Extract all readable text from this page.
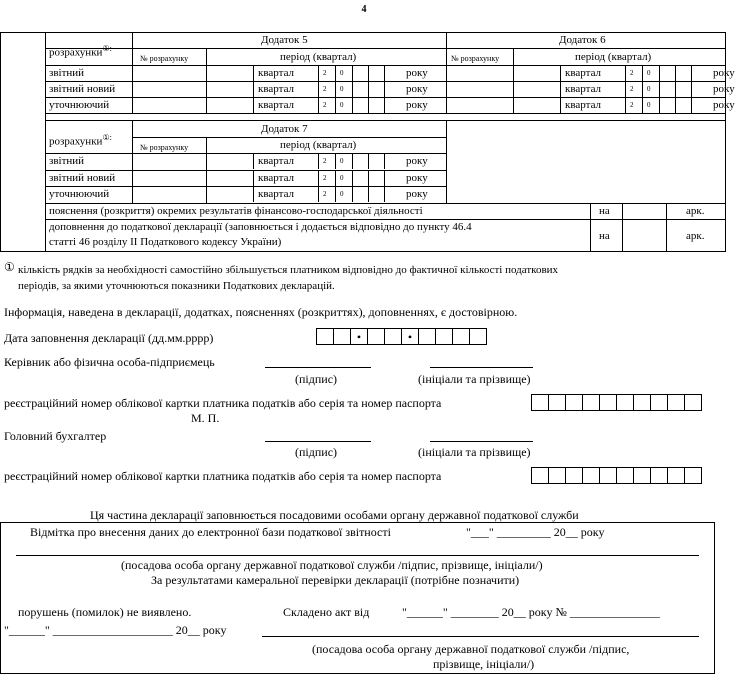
4
Додаток 5	Додаток 6
розрахунки①:
№ розрахунку	період (квартал)	№ розрахунку	період (квартал)
звітний	квартал	2 0	року	квартал	2 0	року
звітний новий	квартал	2 0	року	квартал	2 0	року
уточнюючий	квартал	2 0	року	квартал	2 0	року
Додаток 7
розрахунки①:
№ розрахунку	період (квартал)
звітний	квартал	2 0	року
звітний новий	квартал	2 0	року
уточнюючий	квартал	2 0	року
пояснення (розкриття) окремих результатів фінансово-господарської діяльності	на	арк.
доповнення до податкової декларації (заповнюється і додається відповідно до пункту 46.4
статті 46 розділу II Податкового кодексу України)	на	арк.
① кількість рядків за необхідності самостійно збільшується платником відповідно до фактичної кількості податкових
періодів, за якими уточнюються показники Податкових декларацій.
Інформація, наведена в декларації, додатках, поясненнях (розкриттях), доповненнях, є достовірною.
Дата заповнення декларації (дд.мм.рррр)	•	•
Керівник або фізична особа-підприємець
(підпис)	(ініціали та прізвище)
реєстраційний номер облікової картки платника податків або серія та номер паспорта
М. П.
Головний бухгалтер
(підпис)	(ініціали та прізвище)
реєстраційний номер облікової картки платника податків або серія та номер паспорта
Ця частина декларації заповнюється посадовими особами органу державної податкової служби
Відмітка про внесення даних до електронної бази податкової звітності	"___" _________ 20__ року
(посадова особа органу державної податкової служби /підпис, прізвище, ініціали/)
За результатами камеральної перевірки декларації (потрібне позначити)
порушень (помилок) не виявлено.	Складено акт від	"______" ________ 20__ року № _______________
"______" ____________________ 20__ року
(посадова особа органу державної податкової служби /підпис,
прізвище, ініціали/)
